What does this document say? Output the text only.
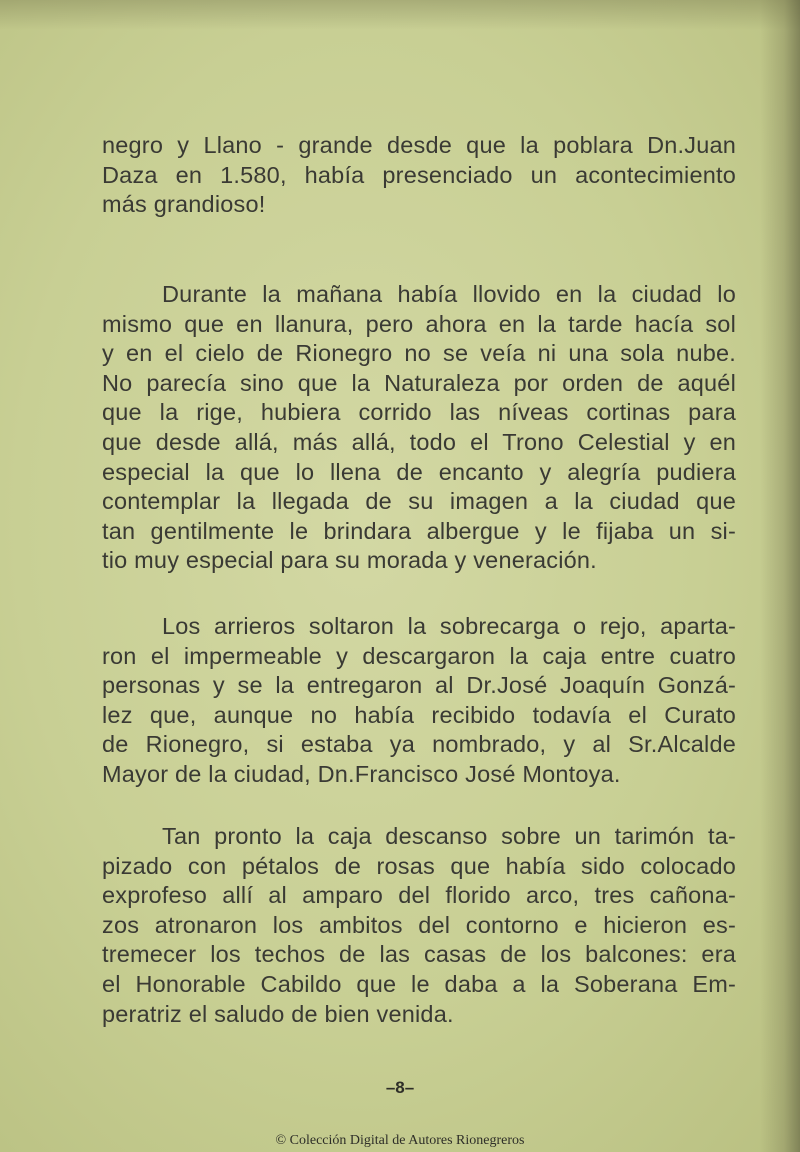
negro y Llano - grande desde que la poblara Dn.Juan
Daza en 1.580, había presenciado un acontecimiento
más grandioso!
Durante la mañana había llovido en la ciudad lo
mismo que en llanura, pero ahora en la tarde hacía sol
y en el cielo de Rionegro no se veía ni una sola nube.
No parecía sino que la Naturaleza por orden de aquél
que la rige, hubiera corrido las níveas cortinas para
que desde allá, más allá, todo el Trono Celestial y en
especial la que lo llena de encanto y alegría pudiera
contemplar la llegada de su imagen a la ciudad que
tan gentilmente le brindara albergue y le fijaba un si-
tio muy especial para su morada y veneración.
Los arrieros soltaron la sobrecarga o rejo, aparta-
ron el impermeable y descargaron la caja entre cuatro
personas y se la entregaron al Dr.José Joaquín Gonzá-
lez que, aunque no había recibido todavía el Curato
de Rionegro, si estaba ya nombrado, y al Sr.Alcalde
Mayor de la ciudad, Dn.Francisco José Montoya.
Tan pronto la caja descanso sobre un tarimón ta-
pizado con pétalos de rosas que había sido colocado
exprofeso allí al amparo del florido arco, tres cañona-
zos atronaron los ambitos del contorno e hicieron es-
tremecer los techos de las casas de los balcones: era
el Honorable Cabildo que le daba a la Soberana Em-
peratriz el saludo de bien venida.
–8–
© Colección Digital de Autores Rionegreros
